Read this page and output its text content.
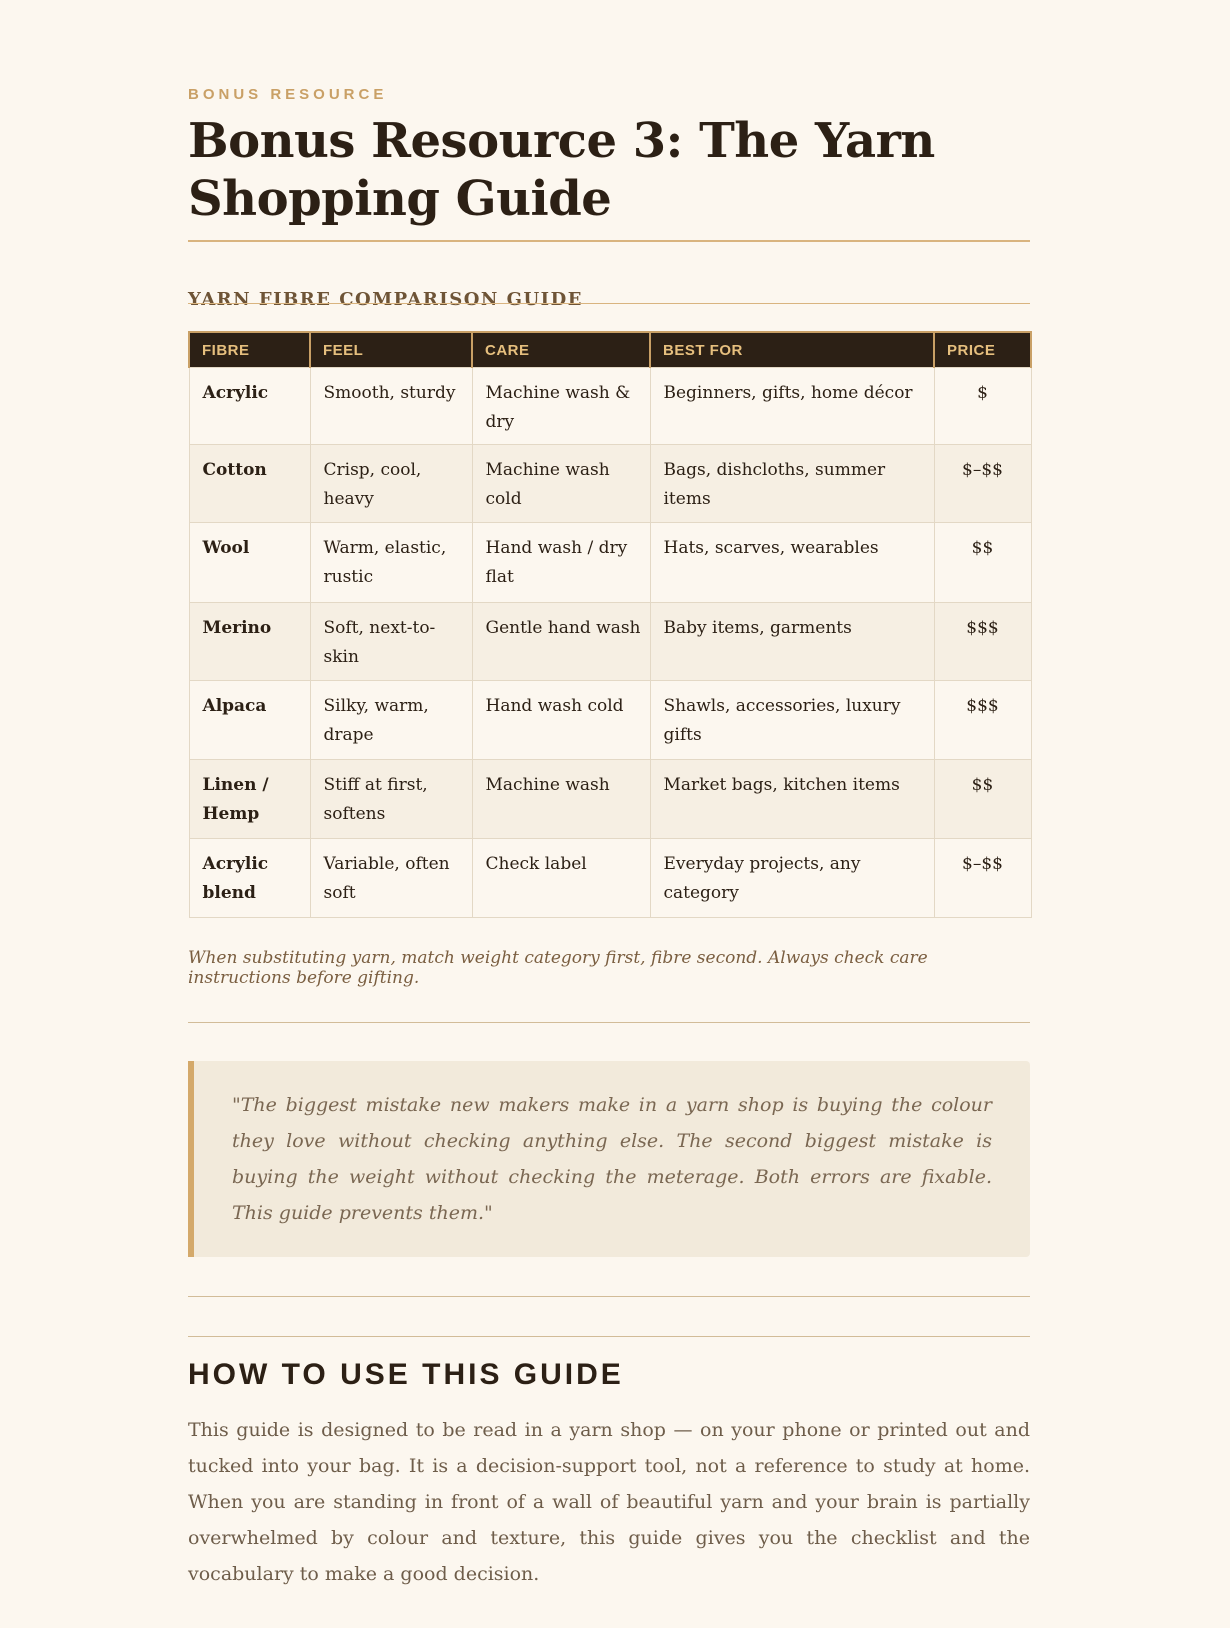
BONUS RESOURCE
Bonus Resource 3: The Yarn Shopping Guide
YARN FIBRE COMPARISON GUIDE
FIBRE	FEEL	CARE	BEST FOR	PRICE
Acrylic	Smooth, sturdy	Machine wash & dry	Beginners, gifts, home décor	$
Cotton	Crisp, cool, heavy	Machine wash cold	Bags, dishcloths, summer items	$–$$
Wool	Warm, elastic, rustic	Hand wash / dry flat	Hats, scarves, wearables	$$
Merino	Soft, next-to-skin	Gentle hand wash	Baby items, garments	$$$
Alpaca	Silky, warm, drape	Hand wash cold	Shawls, accessories, luxury gifts	$$$
Linen / Hemp	Stiff at first, softens	Machine wash	Market bags, kitchen items	$$
Acrylic blend	Variable, often soft	Check label	Everyday projects, any category	$–$$
When substituting yarn, match weight category first, fibre second. Always check care instructions before gifting.

"The biggest mistake new makers make in a yarn shop is buying the colour they love without checking anything else. The second biggest mistake is buying the weight without checking the meterage. Both errors are fixable. This guide prevents them."

HOW TO USE THIS GUIDE

This guide is designed to be read in a yarn shop — on your phone or printed out and tucked into your bag. It is a decision-support tool, not a reference to study at home. When you are standing in front of a wall of beautiful yarn and your brain is partially overwhelmed by colour and texture, this guide gives you the checklist and the vocabulary to make a good decision.
